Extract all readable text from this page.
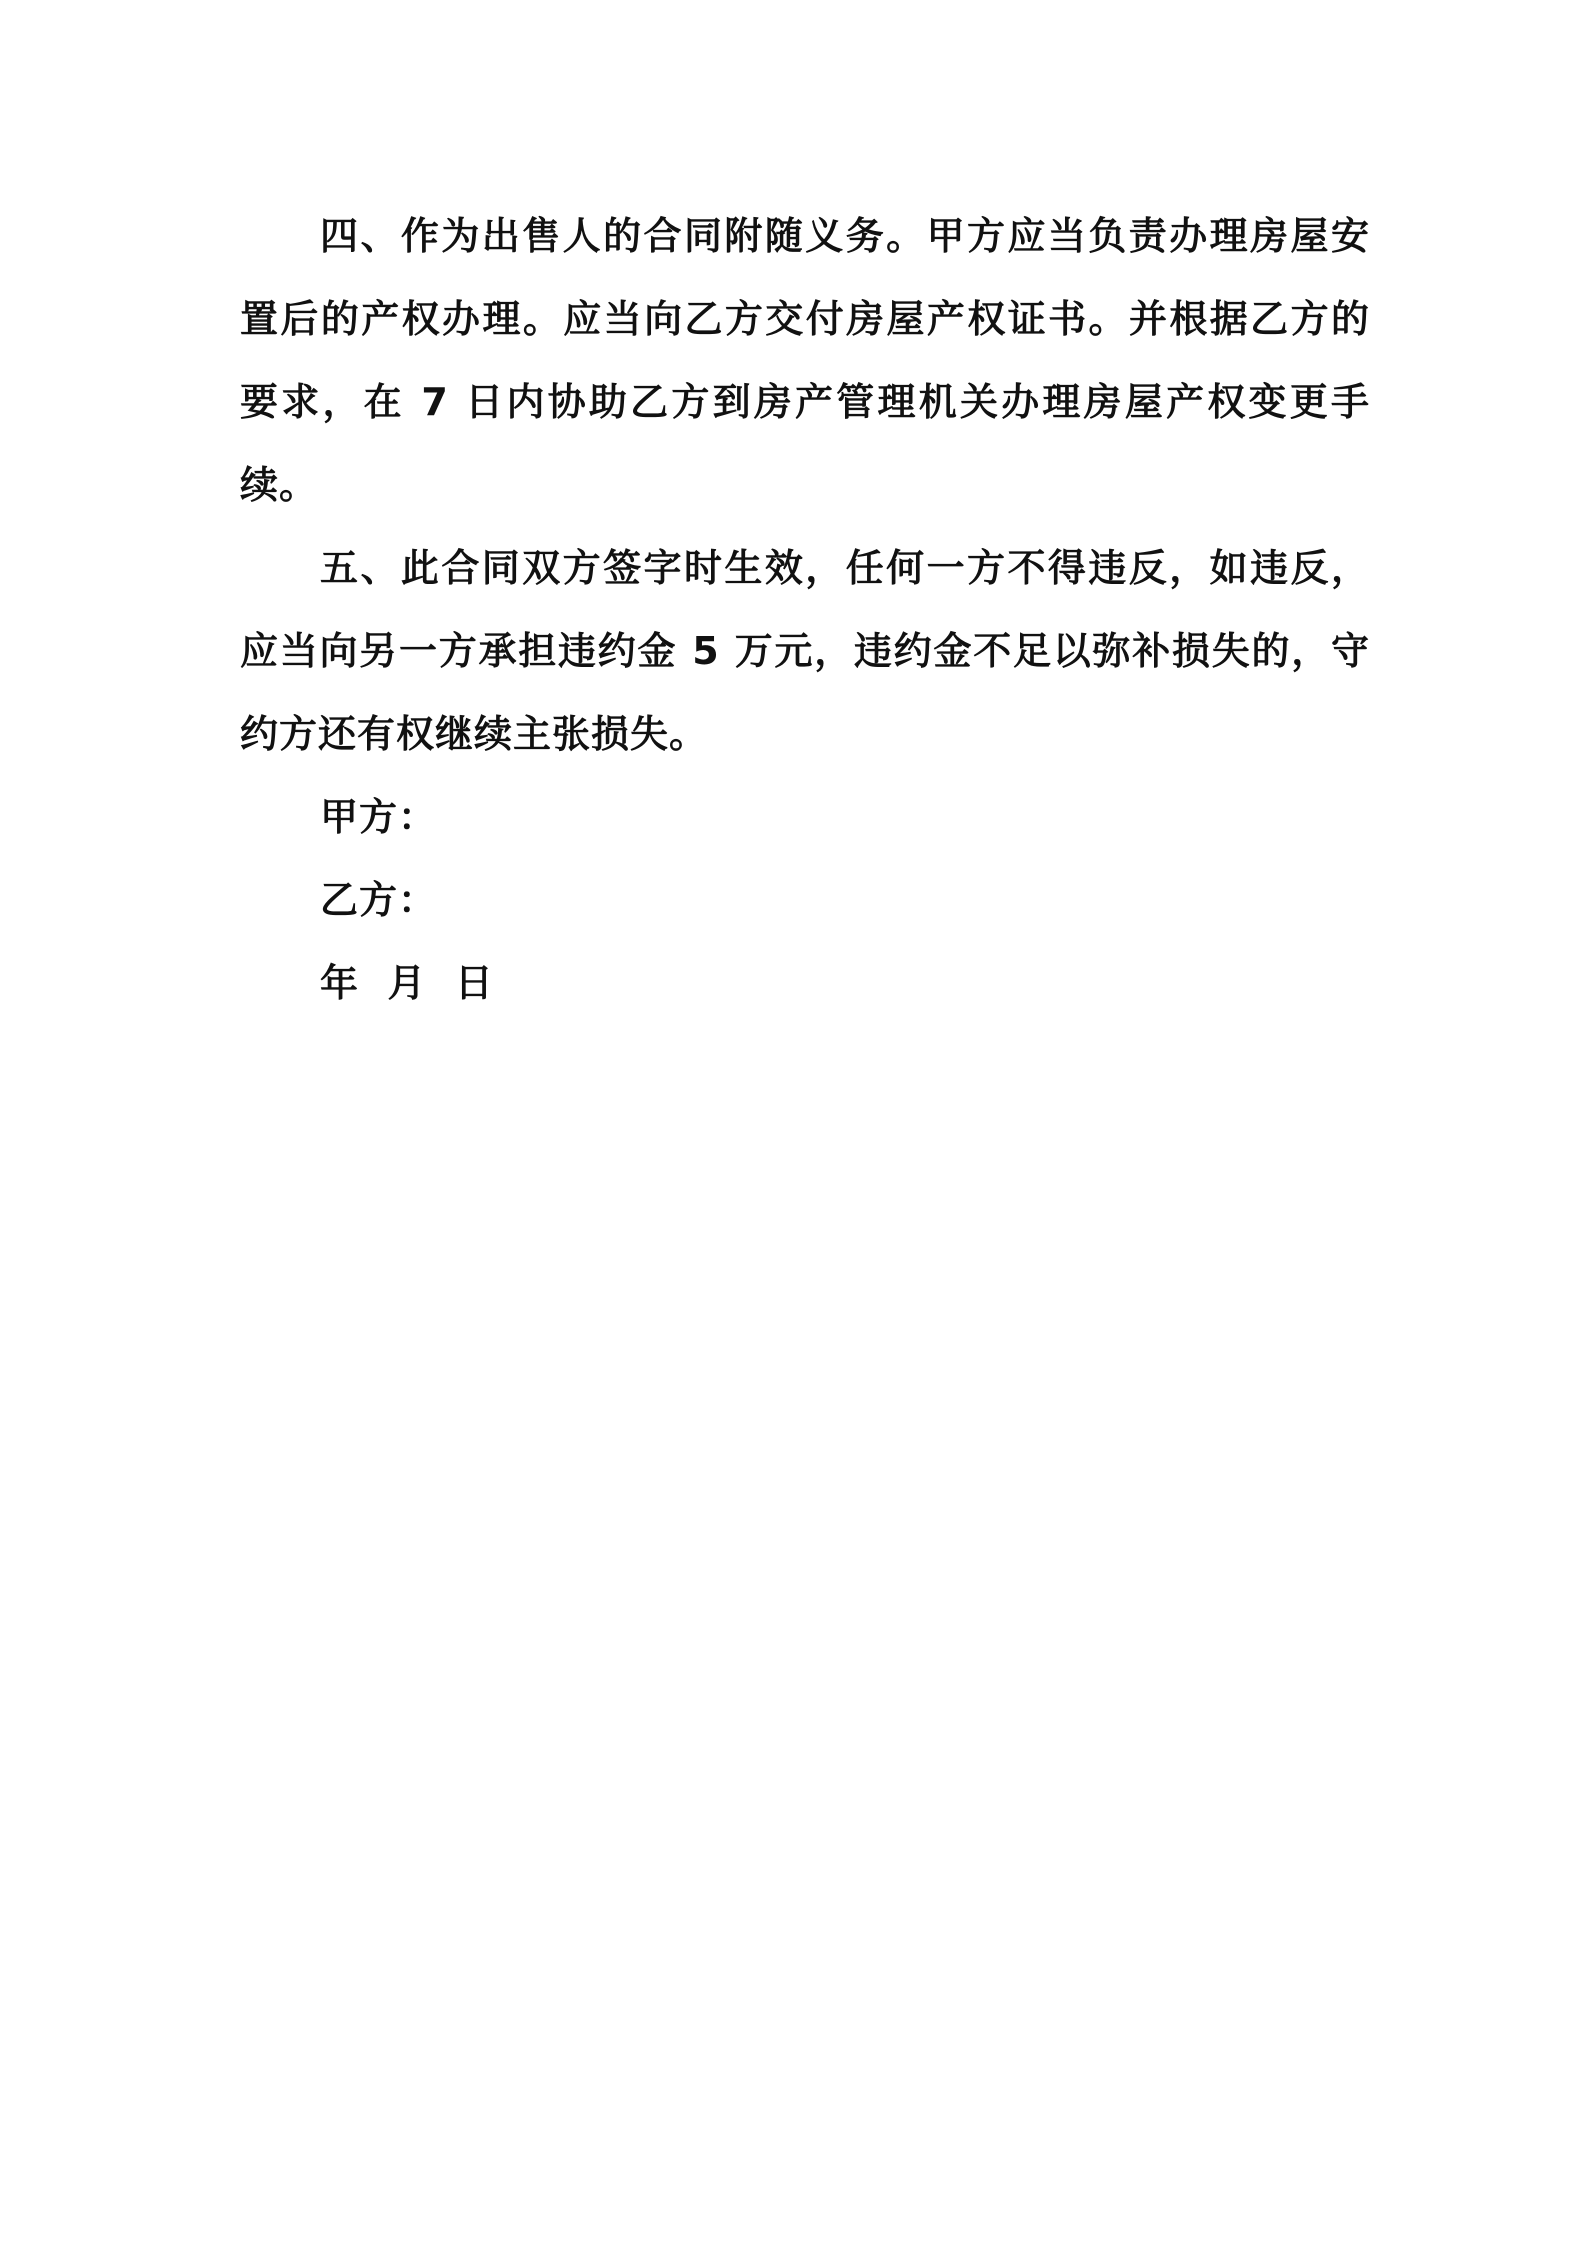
四、作为出售人的合同附随义务。甲方应当负责办理房屋安置后的产权办理。应当向乙方交付房屋产权证书。并根据乙方的要求，在 7 日内协助乙方到房产管理机关办理房屋产权变更手续。

五、此合同双方签字时生效，任何一方不得违反，如违反，应当向另一方承担违约金 5 万元，违约金不足以弥补损失的，守约方还有权继续主张损失。

甲方：

乙方：

年  月  日
